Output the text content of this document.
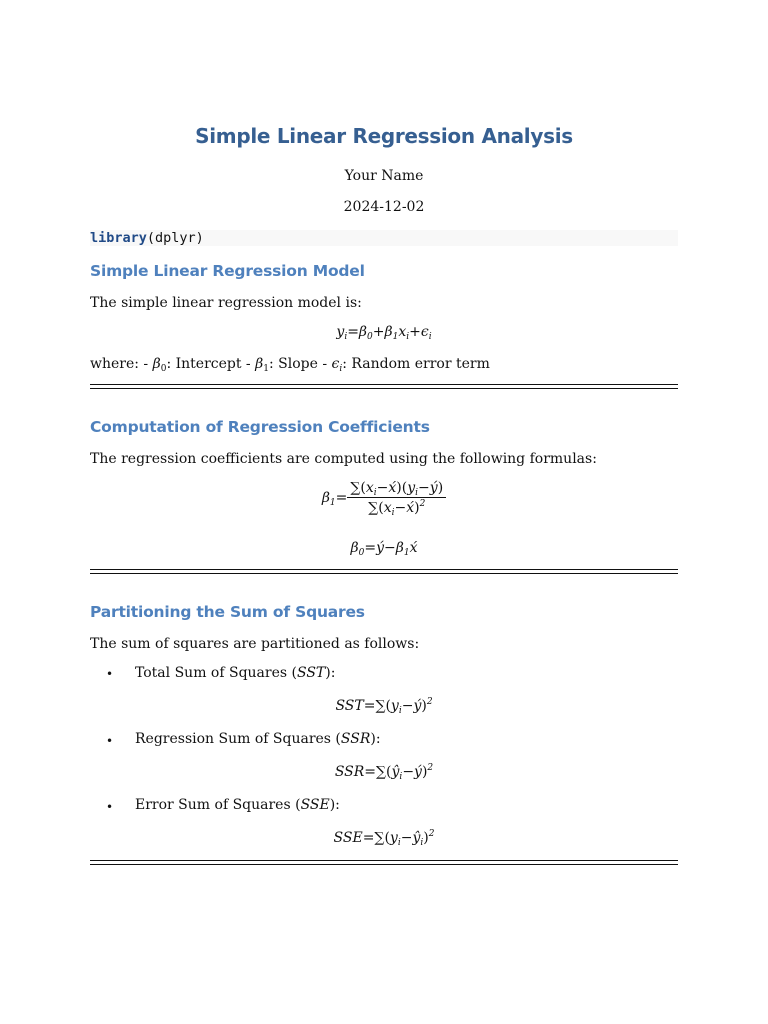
Simple Linear Regression Analysis
Your Name
2024-12-02
library(dplyr)
Simple Linear Regression Model

The simple linear regression model is:

$y_i=\beta_0+\beta_1x_i+\epsilon_i$

where: - $\beta_0$: Intercept - $\beta_1$: Slope - $\epsilon_i$: Random error term

Computation of Regression Coefficients

The regression coefficients are computed using the following formulas:

$\beta_1= \frac{\sum(x_i-x́)(y_i-ý)}{\sum(x_i-x́)^2}$

$\beta_0=ý-\beta_1x́$

Partitioning the Sum of Squares

The sum of squares are partitioned as follows:

• Total Sum of Squares (SST):

$SST=\sum(y_i-ý)^2$

• Regression Sum of Squares (SSR):

$SSR=\sum(ŷ_i-ý)^2$

• Error Sum of Squares (SSE):

$SSE=\sum(y_i-ŷ_i)^2$
